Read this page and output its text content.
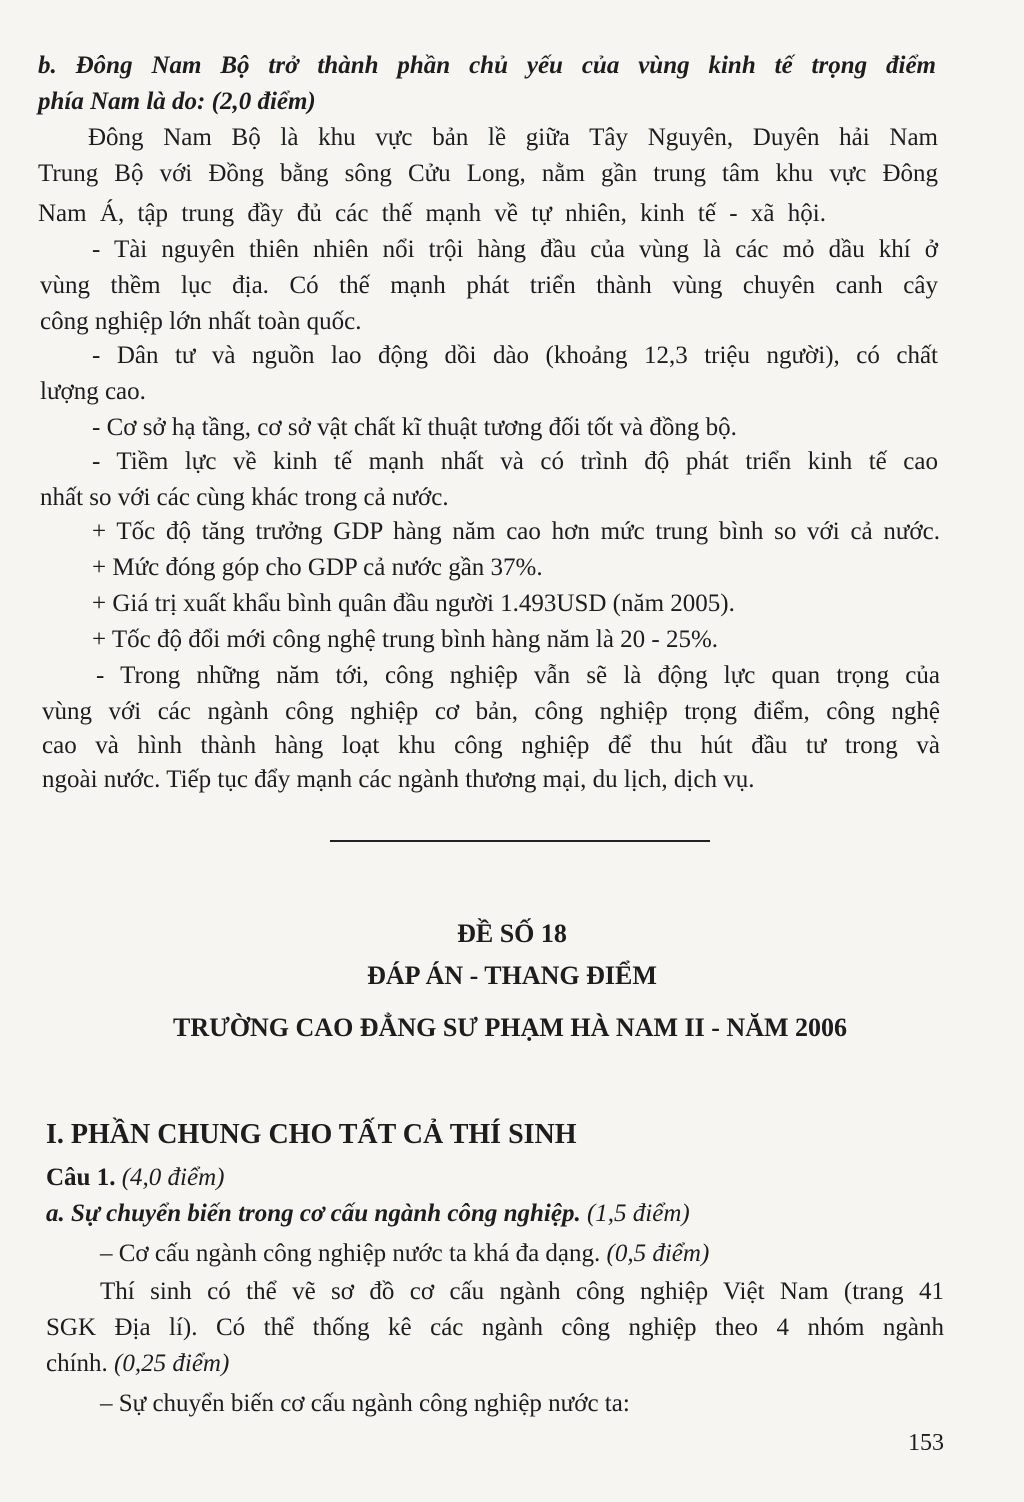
b. Đông Nam Bộ trở thành phần chủ yếu của vùng kinh tế trọng điểm
phía Nam là do: (2,0 điểm)
Đông Nam Bộ là khu vực bản lề giữa Tây Nguyên, Duyên hải Nam
Trung Bộ với Đồng bằng sông Cửu Long, nằm gần trung tâm khu vực Đông
Nam Á, tập trung đầy đủ các thế mạnh về tự nhiên, kinh tế - xã hội.
- Tài nguyên thiên nhiên nổi trội hàng đầu của vùng là các mỏ dầu khí ở
vùng thềm lục địa. Có thế mạnh phát triển thành vùng chuyên canh cây
công nghiệp lớn nhất toàn quốc.
- Dân tư và nguồn lao động dồi dào (khoảng 12,3 triệu người), có chất
lượng cao.
- Cơ sở hạ tầng, cơ sở vật chất kĩ thuật tương đối tốt và đồng bộ.
- Tiềm lực về kinh tế mạnh nhất và có trình độ phát triển kinh tế cao
nhất so với các cùng khác trong cả nước.
+ Tốc độ tăng trưởng GDP hàng năm cao hơn mức trung bình so với cả nước.
+ Mức đóng góp cho GDP cả nước gần 37%.
+ Giá trị xuất khẩu bình quân đầu người 1.493USD (năm 2005).
+ Tốc độ đổi mới công nghệ trung bình hàng năm là 20 - 25%.
- Trong những năm tới, công nghiệp vẫn sẽ là động lực quan trọng của
vùng với các ngành công nghiệp cơ bản, công nghiệp trọng điểm, công nghệ
cao và hình thành hàng loạt khu công nghiệp để thu hút đầu tư trong và
ngoài nước. Tiếp tục đẩy mạnh các ngành thương mại, du lịch, dịch vụ.
ĐỀ SỐ 18
ĐÁP ÁN - THANG ĐIỂM
TRƯỜNG CAO ĐẲNG SƯ PHẠM HÀ NAM II - NĂM 2006
I. PHẦN CHUNG CHO TẤT CẢ THÍ SINH
Câu 1. (4,0 điểm)
a. Sự chuyển biến trong cơ cấu ngành công nghiệp. (1,5 điểm)
– Cơ cấu ngành công nghiệp nước ta khá đa dạng. (0,5 điểm)
Thí sinh có thể vẽ sơ đồ cơ cấu ngành công nghiệp Việt Nam (trang 41
SGK Địa lí). Có thể thống kê các ngành công nghiệp theo 4 nhóm ngành
chính. (0,25 điểm)
– Sự chuyển biến cơ cấu ngành công nghiệp nước ta:
153
